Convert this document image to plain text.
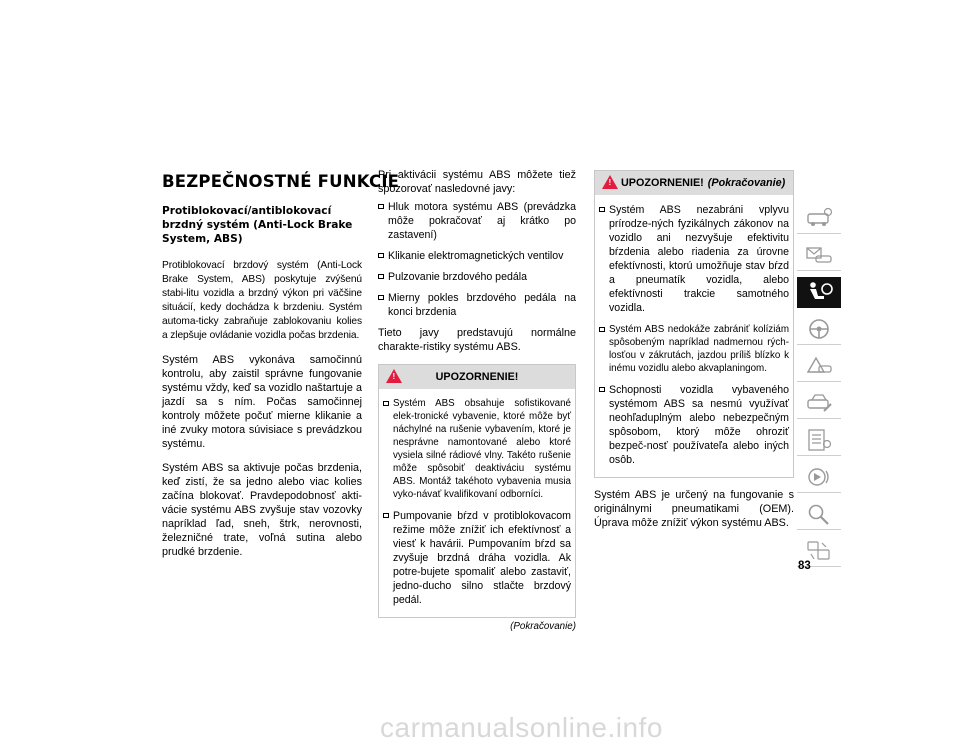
BEZPEČNOSTNÉ FUNKCIE
Protiblokovací/antiblokovací brzdný systém (Anti-Lock Brake System, ABS)

Protiblokovací brzdový systém (Anti-Lock Brake System, ABS) poskytuje zvýšenú stabi-litu vozidla a brzdný výkon pri väčšine situácií, kedy dochádza k brzdeniu. Systém automa-ticky zabraňuje zablokovaniu kolies a zlepšuje ovládanie vozidla počas brzdenia.

Systém ABS vykonáva samočinnú kontrolu, aby zaistil správne fungovanie systému vždy, keď sa vozidlo naštartuje a jazdí sa s ním. Počas samočinnej kontroly môžete počuť mierne klikanie a iné zvuky motora súvisiace s prevádzkou systému.

Systém ABS sa aktivuje počas brzdenia, keď zistí, že sa jedno alebo viac kolies začína blokovať. Pravdepodobnosť akti-vácie systému ABS zvyšuje stav vozovky napríklad ľad, sneh, štrk, nerovnosti, železničné trate, voľná sutina alebo prudké brzdenie.

Pri aktivácii systému ABS môžete tiež spozorovať nasledovné javy:

Hluk motora systému ABS (prevádzka môže pokračovať aj krátko po zastavení)
Klikanie elektromagnetických ventilov
Pulzovanie brzdového pedála
Mierny pokles brzdového pedála na konci brzdenia

Tieto javy predstavujú normálne charakte-ristiky systému ABS.

!	UPOZORNENIE!
Systém ABS obsahuje sofistikované elek-tronické vybavenie, ktoré môže byť náchylné na rušenie vybavením, ktoré je nesprávne namontované alebo ktoré vysiela silné rádiové vlny. Takéto rušenie môže spôsobiť deaktiváciu systému ABS. Montáž takéhoto vybavenia musia vyko-návať kvalifikovaní odborníci.
Pumpovanie bŕzd v protiblokovacom režime môže znížiť ich efektívnosť a viesť k havárii. Pumpovaním bŕzd sa zvyšuje brzdná dráha vozidla. Ak potre-bujete spomaliť alebo zastaviť, jedno-ducho silno stlačte brzdový pedál.
(Pokračovanie)
! UPOZORNENIE! (Pokračovanie)
Systém ABS nezabráni vplyvu prírodze-ných fyzikálnych zákonov na vozidlo ani nezvyšuje efektivitu bŕzdenia alebo riadenia za úrovne efektívnosti, ktorú umožňuje stav bŕzd a pneumatík vozidla, alebo efektívnosti trakcie samotného vozidla.
Systém ABS nedokáže zabrániť kolíziám spôsobeným napríklad nadmernou rých-losťou v zákrutách, jazdou príliš blízko k inému vozidlu alebo akvaplaningom.
Schopnosti vozidla vybaveného systémom ABS sa nesmú využívať neohľaduplným alebo nebezpečným spôsobom, ktorý môže ohroziť bezpeč-nosť používateľa alebo iných osôb.

Systém ABS je určený na fungovanie s originálnymi pneumatikami (OEM). Úprava môže znížiť výkon systému ABS.

83
carmanualsonline.info
